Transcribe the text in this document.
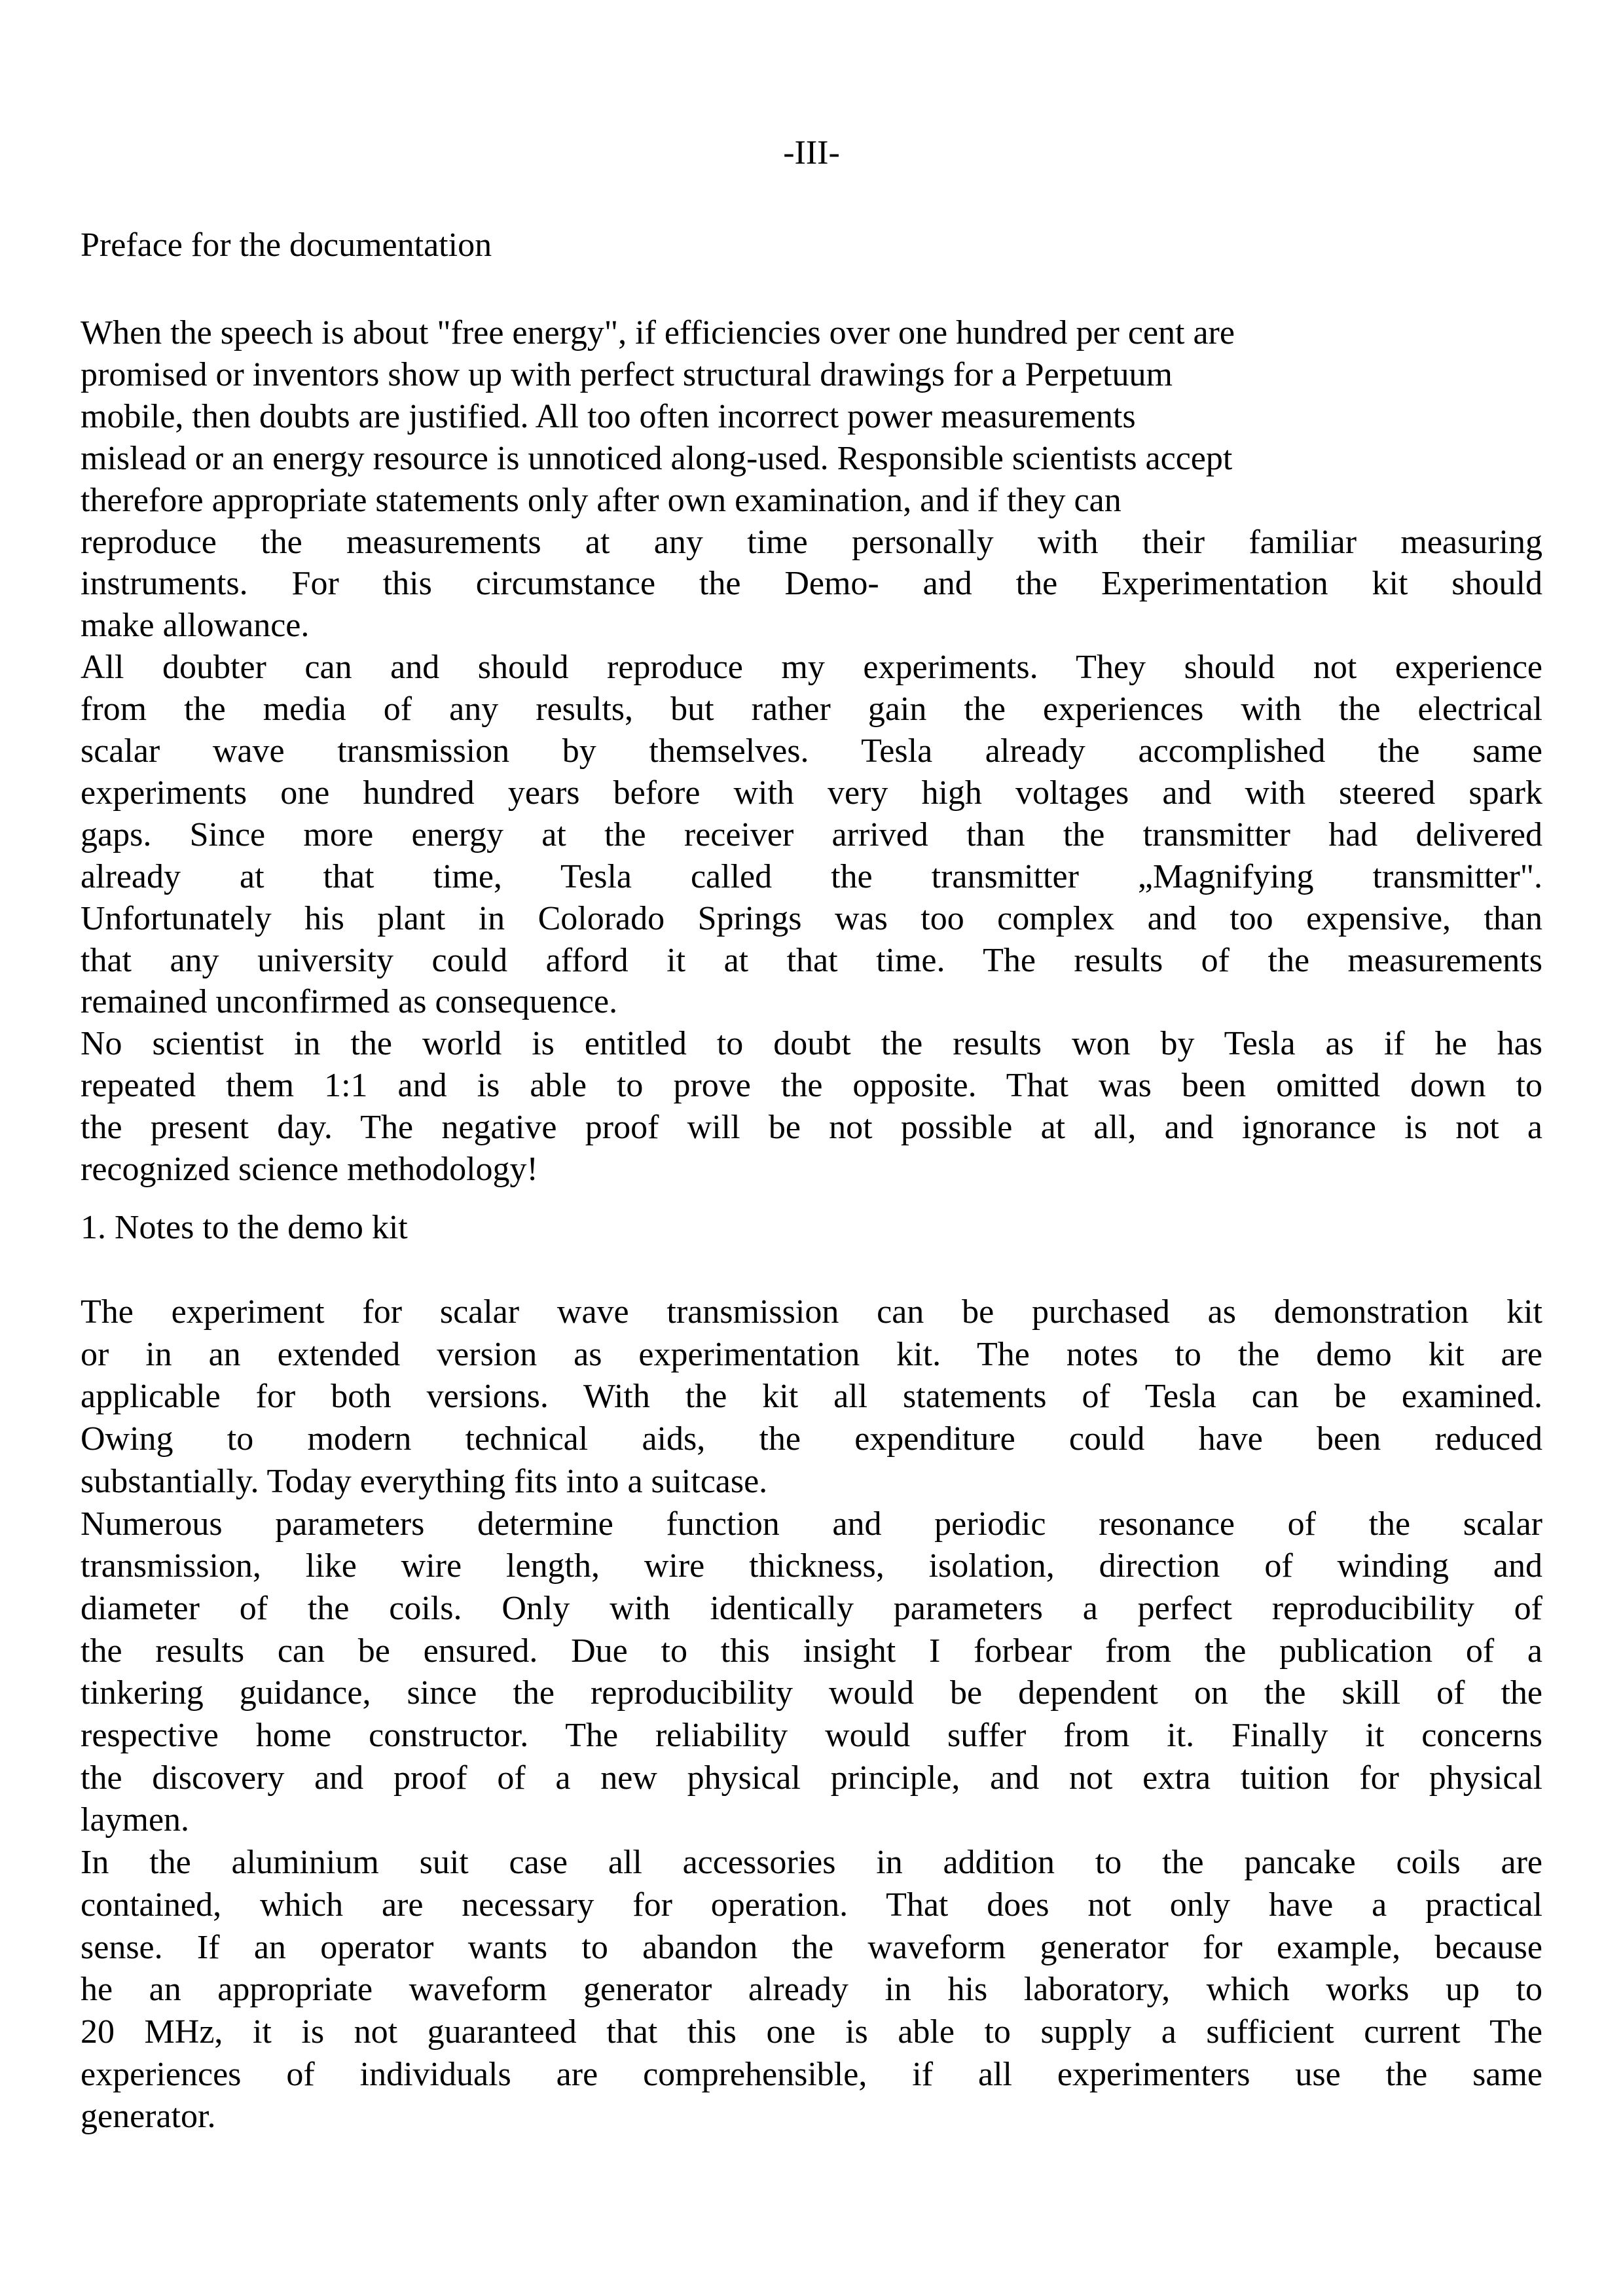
-III-
Preface for the documentation
When the speech is about "free energy", if efficiencies over one hundred per cent are
promised or inventors show up with perfect structural drawings for a Perpetuum
mobile, then doubts are justified. All too often incorrect power measurements
mislead or an energy resource is unnoticed along-used. Responsible scientists accept
therefore appropriate statements only after own examination, and if they can
reproduce the measurements at any time personally with their familiar measuring
instruments. For this circumstance the Demo- and the Experimentation kit should
make allowance.
All doubter can and should reproduce my experiments. They should not experience
from the media of any results, but rather gain the experiences with the electrical
scalar wave transmission by themselves. Tesla already accomplished the same
experiments one hundred years before with very high voltages and with steered spark
gaps. Since more energy at the receiver arrived than the transmitter had delivered
already at that time, Tesla called the transmitter „Magnifying transmitter".
Unfortunately his plant in Colorado Springs was too complex and too expensive, than
that any university could afford it at that time. The results of the measurements
remained unconfirmed as consequence.
No scientist in the world is entitled to doubt the results won by Tesla as if he has
repeated them 1:1 and is able to prove the opposite. That was been omitted down to
the present day. The negative proof will be not possible at all, and ignorance is not a
recognized science methodology!
1. Notes to the demo kit
The experiment for scalar wave transmission can be purchased as demonstration kit
or in an extended version as experimentation kit. The notes to the demo kit are
applicable for both versions. With the kit all statements of Tesla can be examined.
Owing to modern technical aids, the expenditure could have been reduced
substantially. Today everything fits into a suitcase.
Numerous parameters determine function and periodic resonance of the scalar
transmission, like wire length, wire thickness, isolation, direction of winding and
diameter of the coils. Only with identically parameters a perfect reproducibility of
the results can be ensured. Due to this insight I forbear from the publication of a
tinkering guidance, since the reproducibility would be dependent on the skill of the
respective home constructor. The reliability would suffer from it. Finally it concerns
the discovery and proof of a new physical principle, and not extra tuition for physical
laymen.
In the aluminium suit case all accessories in addition to the pancake coils are
contained, which are necessary for operation. That does not only have a practical
sense. If an operator wants to abandon the waveform generator for example, because
he an appropriate waveform generator already in his laboratory, which works up to
20 MHz, it is not guaranteed that this one is able to supply a sufficient current The
experiences of individuals are comprehensible, if all experimenters use the same
generator.
